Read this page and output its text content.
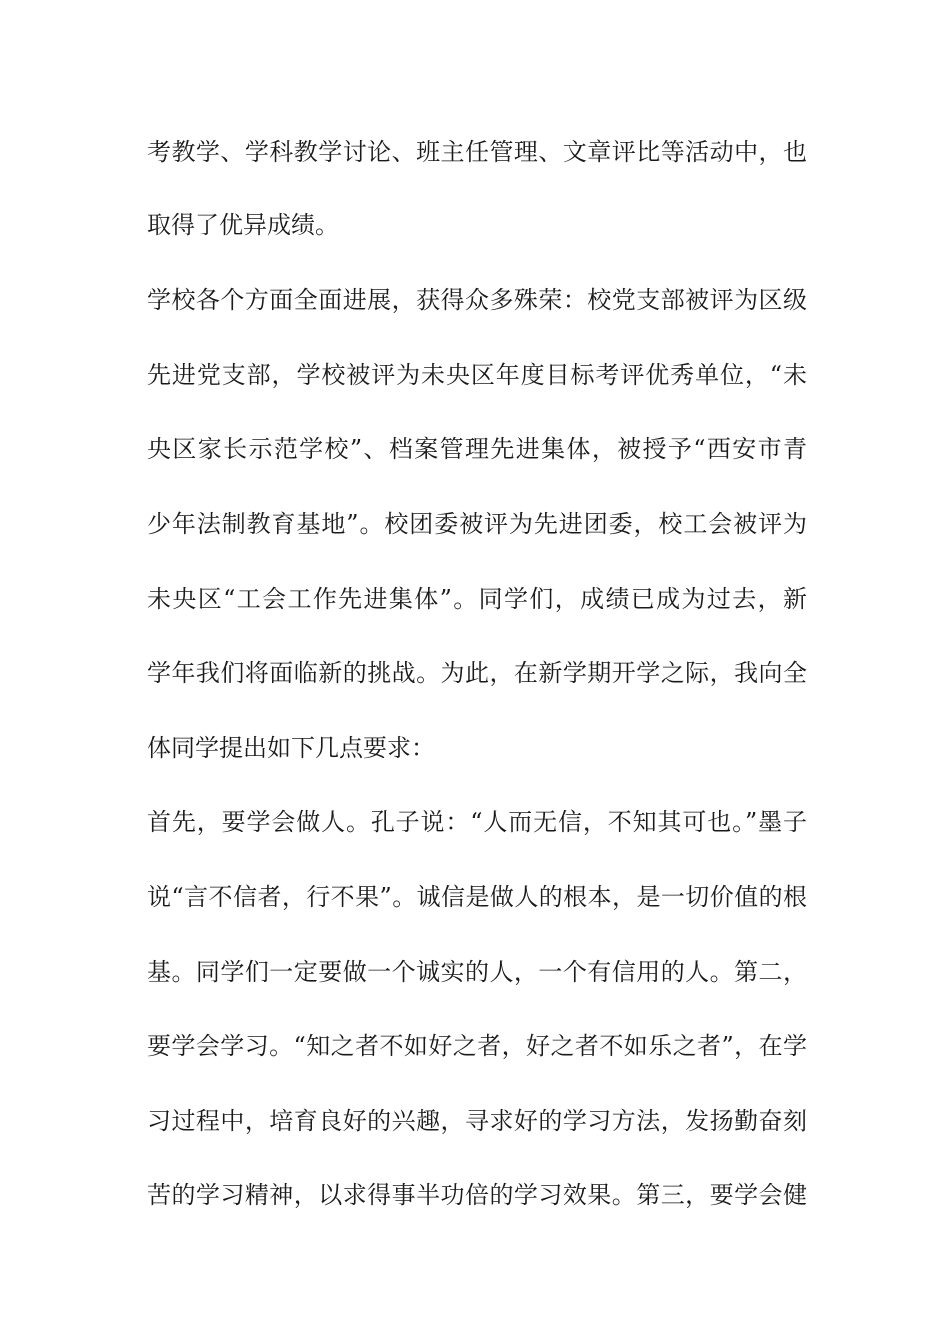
考教学、学科教学讨论、班主任管理、文章评比等活动中，也
取得了优异成绩。
学校各个方面全面进展，获得众多殊荣：校党支部被评为区级
先进党支部，学校被评为未央区年度目标考评优秀单位，“未
央区家长示范学校”、档案管理先进集体，被授予“西安市青
少年法制教育基地”。校团委被评为先进团委，校工会被评为
未央区“工会工作先进集体”。同学们，成绩已成为过去，新
学年我们将面临新的挑战。为此，在新学期开学之际，我向全
体同学提出如下几点要求：
首先，要学会做人。孔子说：“人而无信，不知其可也。”墨子
说“言不信者，行不果”。诚信是做人的根本，是一切价值的根
基。同学们一定要做一个诚实的人，一个有信用的人。第二，
要学会学习。“知之者不如好之者，好之者不如乐之者”，在学
习过程中，培育良好的兴趣，寻求好的学习方法，发扬勤奋刻
苦的学习精神，以求得事半功倍的学习效果。第三，要学会健
